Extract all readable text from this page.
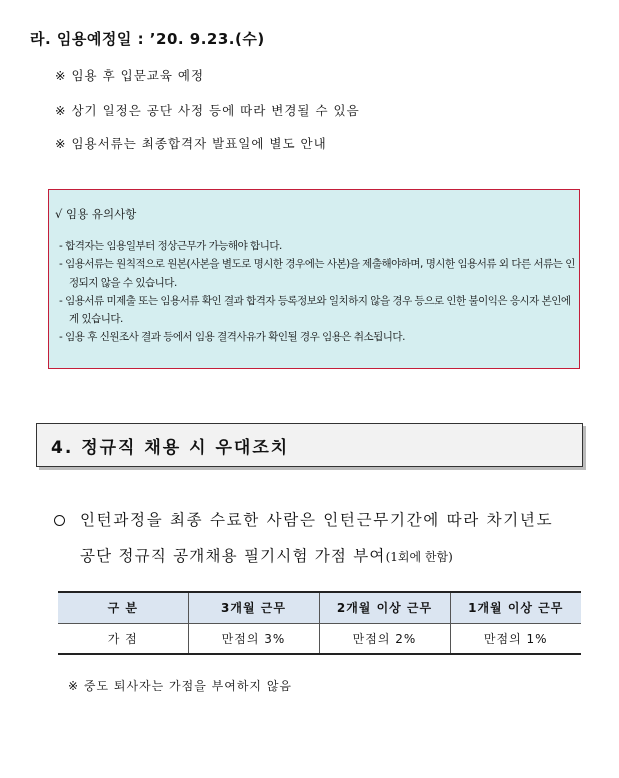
라. 임용예정일 : ’20. 9.23.(수)
※ 임용 후 입문교육 예정
※ 상기 일정은 공단 사정 등에 따라 변경될 수 있음
※ 임용서류는 최종합격자 발표일에 별도 안내
√ 임용 유의사항
- 합격자는 임용일부터 정상근무가 가능해야 합니다.
- 임용서류는 원칙적으로 원본(사본을 별도로 명시한 경우에는 사본)을 제출해야하며, 명시한 임용서류 외 다른 서류는 인정되지 않을 수 있습니다.
- 임용서류 미제출 또는 임용서류 확인 결과 합격자 등록정보와 일치하지 않을 경우 등으로 인한 불이익은 응시자 본인에게 있습니다.
- 임용 후 신원조사 결과 등에서 임용 결격사유가 확인될 경우 임용은 취소됩니다.
4. 정규직 채용 시 우대조치
인턴과정을 최종 수료한 사람은 인턴근무기간에 따라 차기년도
공단 정규직 공개채용 필기시험 가점 부여(1회에 한함)
구 분	3개월 근무	2개월 이상 근무	1개월 이상 근무
가 점	만점의 3%	만점의 2%	만점의 1%
※ 중도 퇴사자는 가점을 부여하지 않음
